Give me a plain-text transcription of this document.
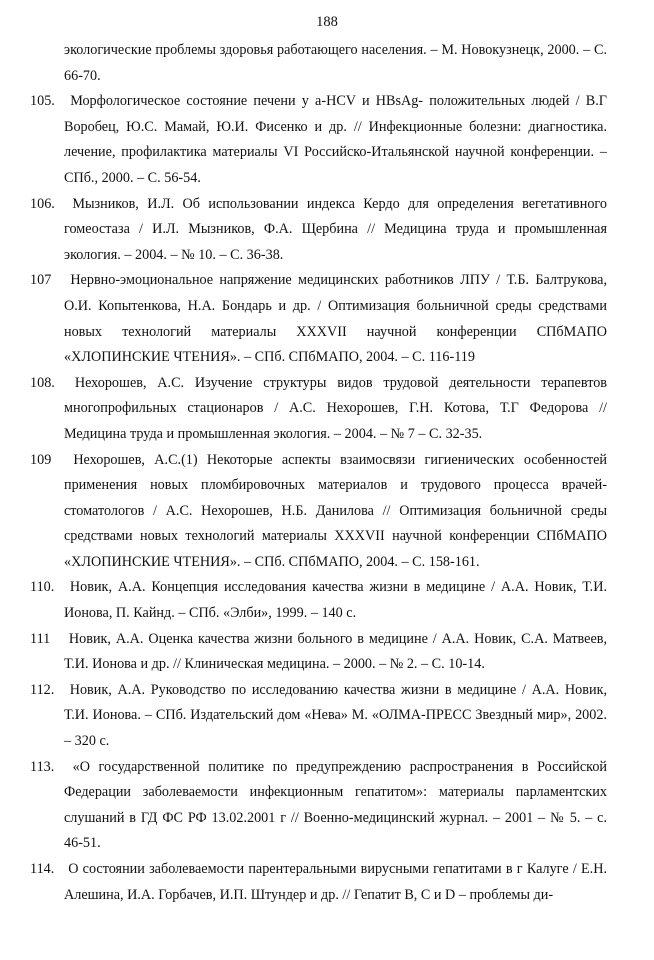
188

экологические проблемы здоровья работающего населения. – М. Новокузнецк, 2000. – С. 66-70.

105. Морфологическое состояние печени у a-HCV и HBsAg- положительных людей / В.Г Воробец, Ю.С. Мамай, Ю.И. Фисенко и др. // Инфекционные болезни: диагностика. лечение, профилактика материалы VI Российско-Итальянской научной конференции. – СПб., 2000. – С. 56-54.

106. Мызников, И.Л. Об использовании индекса Кердо для определения вегетативного гомеостаза / И.Л. Мызников, Ф.А. Щербина // Медицина труда и промышленная экология. – 2004. – № 10. – С. 36-38.

107 Нервно-эмоциональное напряжение медицинских работников ЛПУ / Т.Б. Балтрукова, О.И. Копытенкова, Н.А. Бондарь и др. / Оптимизация больничной среды средствами новых технологий материалы XXXVII научной конференции СПбМАПО «ХЛОПИНСКИЕ ЧТЕНИЯ». – СПб. СПбМАПО, 2004. – С. 116-119

108. Нехорошев, А.С. Изучение структуры видов трудовой деятельности терапевтов многопрофильных стационаров / А.С. Нехорошев, Г.Н. Котова, Т.Г Федорова // Медицина труда и промышленная экология. – 2004. – № 7 – С. 32-35.

109 Нехорошев, А.С.(1) Некоторые аспекты взаимосвязи гигиенических особенностей применения новых пломбировочных материалов и трудового процесса врачей-стоматологов / А.С. Нехорошев, Н.Б. Данилова // Оптимизация больничной среды средствами новых технологий материалы XXXVII научной конференции СПбМАПО «ХЛОПИНСКИЕ ЧТЕНИЯ». – СПб. СПбМАПО, 2004. – С. 158-161.

110. Новик, А.А. Концепция исследования качества жизни в медицине / А.А. Новик, Т.И. Ионова, П. Кайнд. – СПб. «Элби», 1999. – 140 с.

111 Новик, А.А. Оценка качества жизни больного в медицине / А.А. Новик, С.А. Матвеев, Т.И. Ионова и др. // Клиническая медицина. – 2000. – № 2. – С. 10-14.

112. Новик, А.А. Руководство по исследованию качества жизни в медицине / А.А. Новик, Т.И. Ионова. – СПб. Издательский дом «Нева» М. «ОЛМА-ПРЕСС Звездный мир», 2002. – 320 с.

113. «О государственной политике по предупреждению распространения в Российской Федерации заболеваемости инфекционным гепатитом»: материалы парламентских слушаний в ГД ФС РФ 13.02.2001 г // Военно-медицинский журнал. – 2001 – № 5. – с. 46-51.

114. О состоянии заболеваемости парентеральными вирусными гепатитами в г Калуге / Е.Н. Алешина, И.А. Горбачев, И.П. Штундер и др. // Гепатит B, C и D – проблемы ди-
